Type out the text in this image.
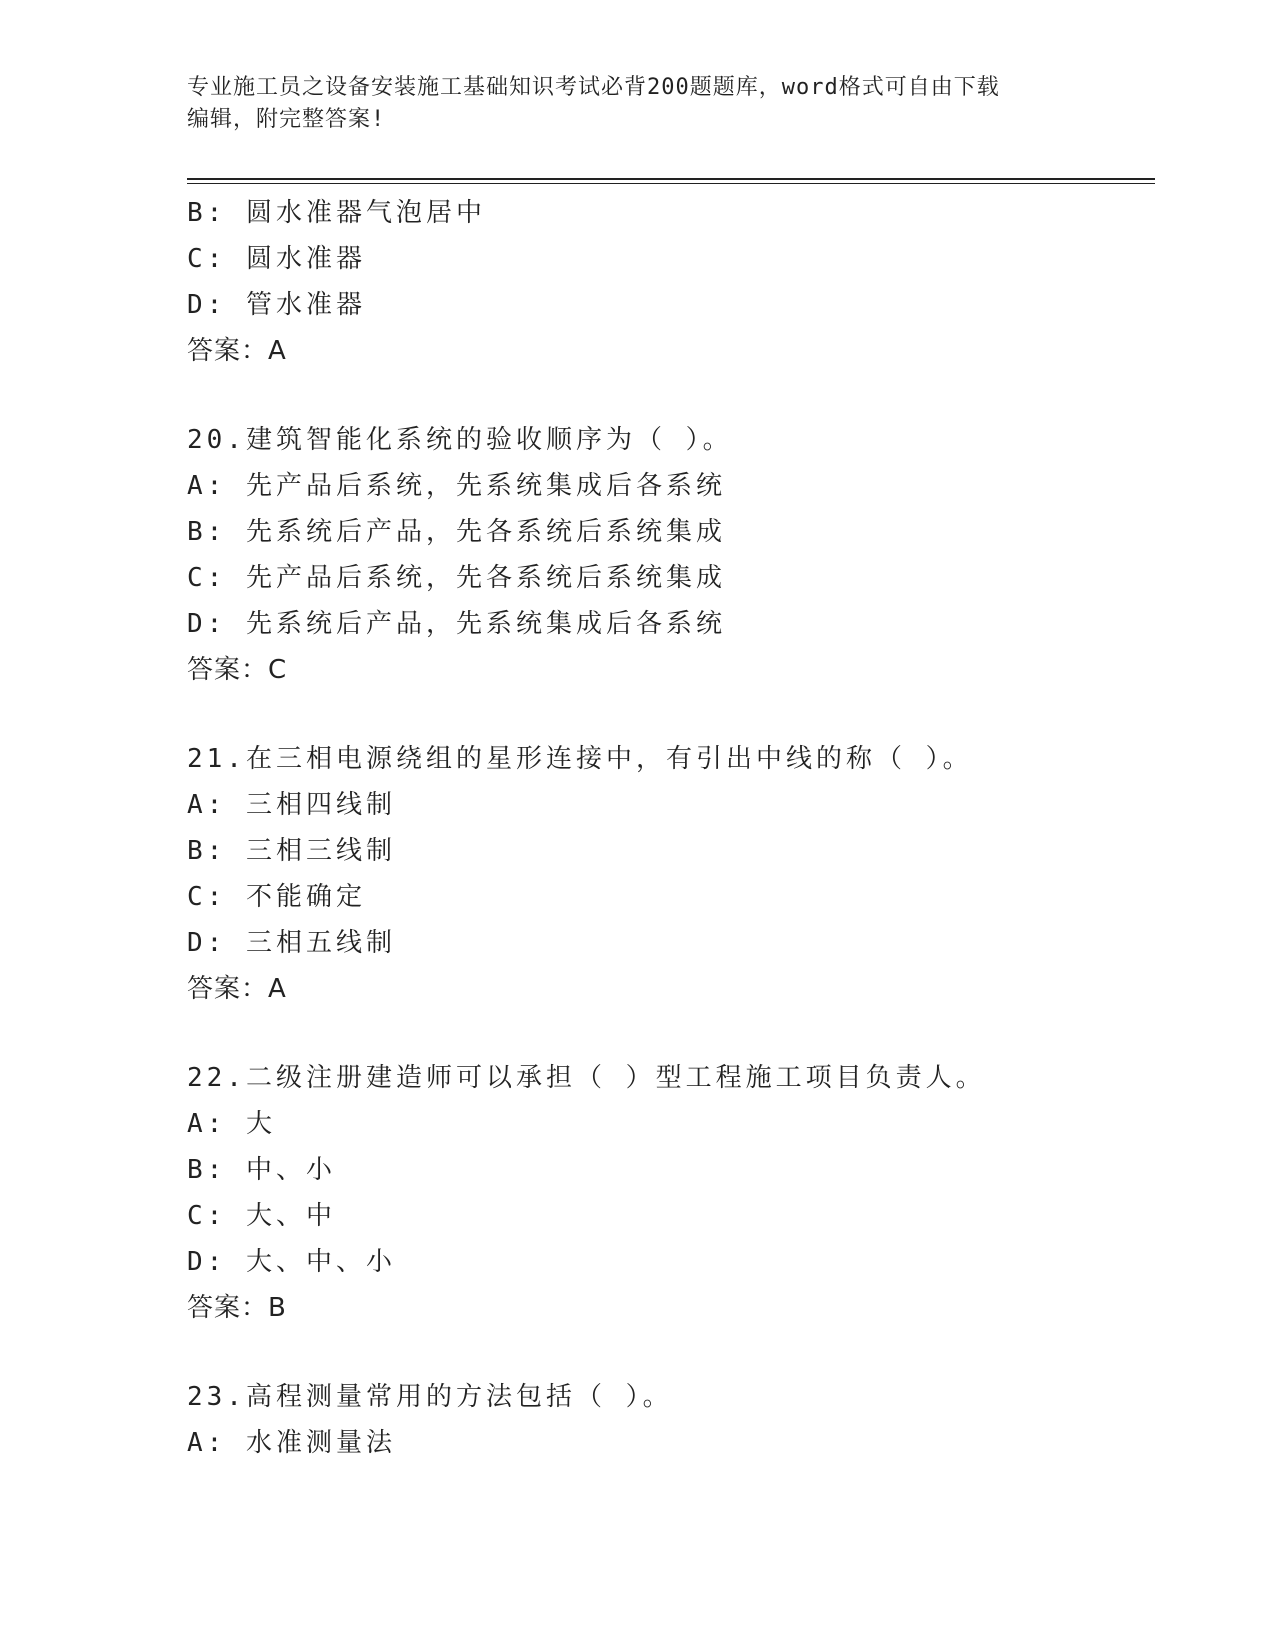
专业施工员之设备安装施工基础知识考试必背200题题库，word格式可自由下载
编辑，附完整答案!
B: 圆水准器气泡居中
C: 圆水准器
D: 管水准器
答案：A
20.建筑智能化系统的验收顺序为（ ）。
A: 先产品后系统，先系统集成后各系统
B: 先系统后产品，先各系统后系统集成
C: 先产品后系统，先各系统后系统集成
D: 先系统后产品，先系统集成后各系统
答案：C
21.在三相电源绕组的星形连接中，有引出中线的称（ ）。
A: 三相四线制
B: 三相三线制
C: 不能确定
D: 三相五线制
答案：A
22.二级注册建造师可以承担（ ）型工程施工项目负责人。
A: 大
B: 中、小
C: 大、中
D: 大、中、小
答案：B
23.高程测量常用的方法包括（ ）。
A: 水准测量法
